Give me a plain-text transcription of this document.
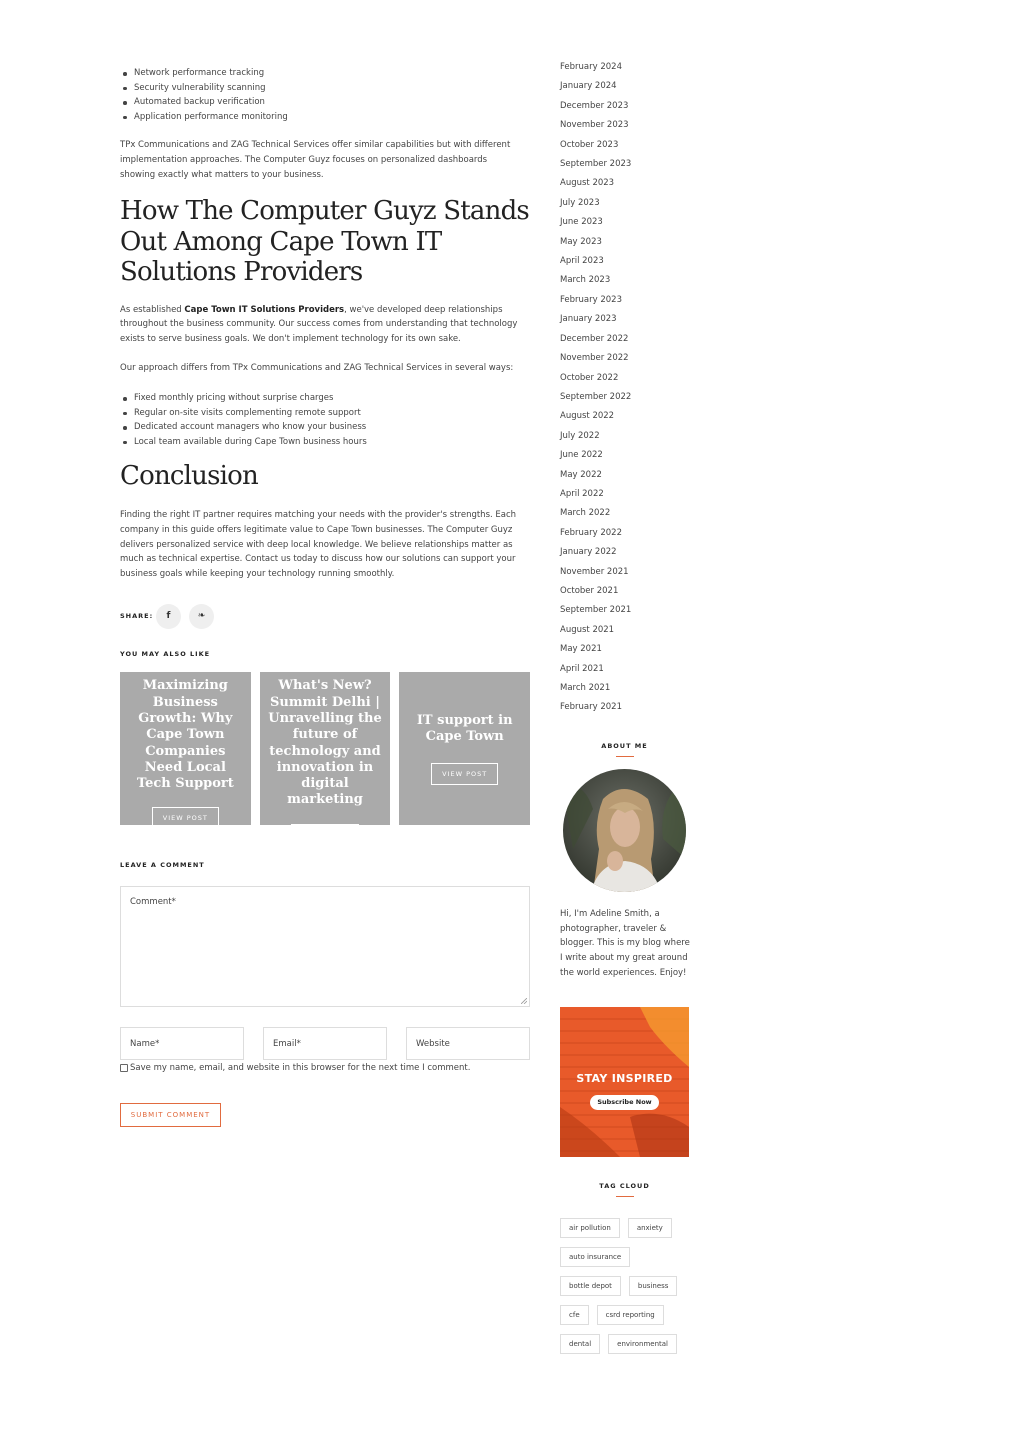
Network performance tracking
Security vulnerability scanning
Automated backup verification
Application performance monitoring

TPx Communications and ZAG Technical Services offer similar capabilities but with different implementation approaches. The Computer Guyz focuses on personalized dashboards showing exactly what matters to your business.

How The Computer Guyz Stands Out Among Cape Town IT Solutions Providers

As established Cape Town IT Solutions Providers, we've developed deep relationships throughout the business community. Our success comes from understanding that technology exists to serve business goals. We don't implement technology for its own sake.

Our approach differs from TPx Communications and ZAG Technical Services in several ways:

Fixed monthly pricing without surprise charges
Regular on-site visits complementing remote support
Dedicated account managers who know your business
Local team available during Cape Town business hours
Conclusion

Finding the right IT partner requires matching your needs with the provider's strengths. Each company in this guide offers legitimate value to Cape Town businesses. The Computer Guyz delivers personalized service with deep local knowledge. We believe relationships matter as much as technical expertise. Contact us today to discuss how our solutions can support your business goals while keeping your technology running smoothly.

SHARE:	f	❧
YOU MAY ALSO LIKE
Maximizing Business Growth: Why Cape Town Companies Need Local Tech Support
VIEW POST
What's New? Summit Delhi | Unravelling the future of technology and innovation in digital marketing
VIEW POST
IT support in Cape Town
VIEW POST
LEAVE A COMMENT
Comment*
Name*	Email*	Website
Save my name, email, and website in this browser for the next time I comment.
SUBMIT COMMENT
February 2024
January 2024
December 2023
November 2023
October 2023
September 2023
August 2023
July 2023
June 2023
May 2023
April 2023
March 2023
February 2023
January 2023
December 2022
November 2022
October 2022
September 2022
August 2022
July 2022
June 2022
May 2022
April 2022
March 2022
February 2022
January 2022
November 2021
October 2021
September 2021
August 2021
May 2021
April 2021
March 2021
February 2021
ABOUT ME

Hi, I'm Adeline Smith, a photographer, traveler & blogger. This is my blog where I write about my great around the world experiences. Enjoy!

STAY INSPIRED
Subscribe Now
TAG CLOUD
air pollution	anxiety
auto insurance
bottle depot	business
cfe	csrd reporting
dental	environmental
